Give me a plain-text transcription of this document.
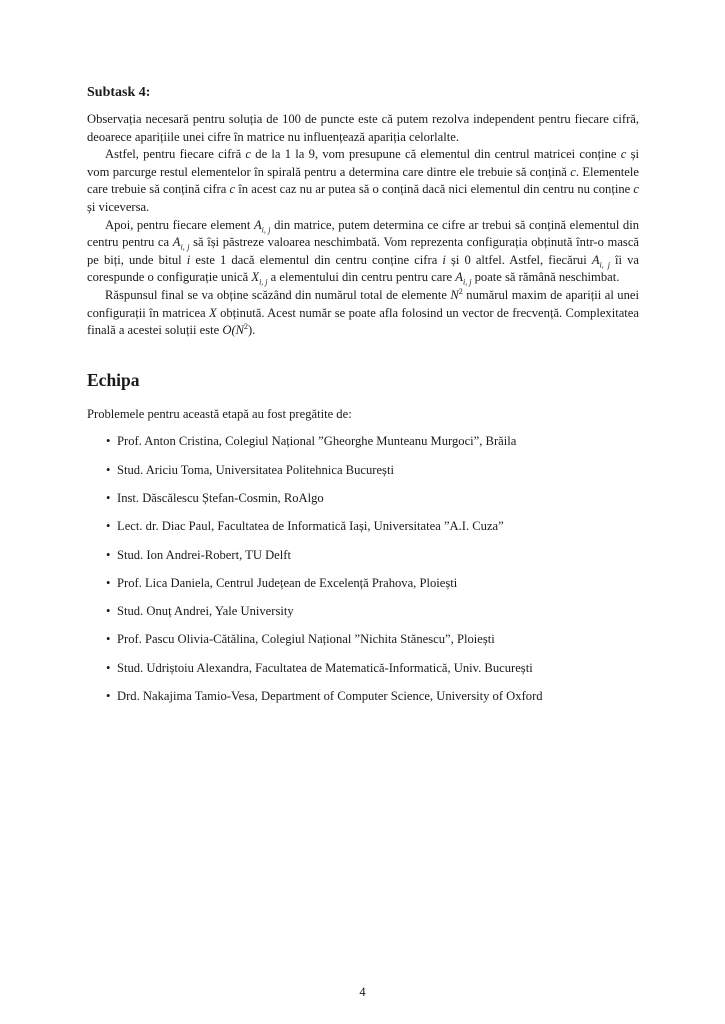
Subtask 4:

Observația necesară pentru soluția de 100 de puncte este că putem rezolva independent pentru fiecare cifră, deoarece aparițiile unei cifre în matrice nu influențează apariția celorlalte.

Astfel, pentru fiecare cifră c de la 1 la 9, vom presupune că elementul din centrul matricei conține c și vom parcurge restul elementelor în spirală pentru a determina care dintre ele trebuie să conțină c. Elementele care trebuie să conțină cifra c în acest caz nu ar putea să o conțină dacă nici elementul din centru nu conține c și viceversa.

Apoi, pentru fiecare element $A_{i, j}$ din matrice, putem determina ce cifre ar trebui să conțină elementul din centru pentru ca $A_{i, j}$ să își păstreze valoarea neschimbată. Vom reprezenta configurația obținută într-o mască pe biți, unde bitul i este 1 dacă elementul din centru conține cifra i și 0 altfel. Astfel, fiecărui $A_{i, j}$ îi va corespunde o configurație unică $X_{i, j}$ a elementului din centru pentru care $A_{i, j}$ poate să rămână neschimbat.

Răspunsul final se va obține scăzând din numărul total de elemente $N^2$ numărul maxim de apariții al unei configurații în matricea X obținută. Acest număr se poate afla folosind un vector de frecvență. Complexitatea finală a acestei soluții este $O(N^2)$.

Echipa

Problemele pentru această etapă au fost pregătite de:

• Prof. Anton Cristina, Colegiul Național ”Gheorghe Munteanu Murgoci”, Brăila
• Stud. Ariciu Toma, Universitatea Politehnica București
• Inst. Dăscălescu Ștefan-Cosmin, RoAlgo
• Lect. dr. Diac Paul, Facultatea de Informatică Iași, Universitatea ”A.I. Cuza”
• Stud. Ion Andrei-Robert, TU Delft
• Prof. Lica Daniela, Centrul Județean de Excelență Prahova, Ploiești
• Stud. Onuț Andrei, Yale University
• Prof. Pascu Olivia-Cătălina, Colegiul Național ”Nichita Stănescu”, Ploiești
• Stud. Udriștoiu Alexandra, Facultatea de Matematică-Informatică, Univ. București
• Drd. Nakajima Tamio-Vesa, Department of Computer Science, University of Oxford
4
